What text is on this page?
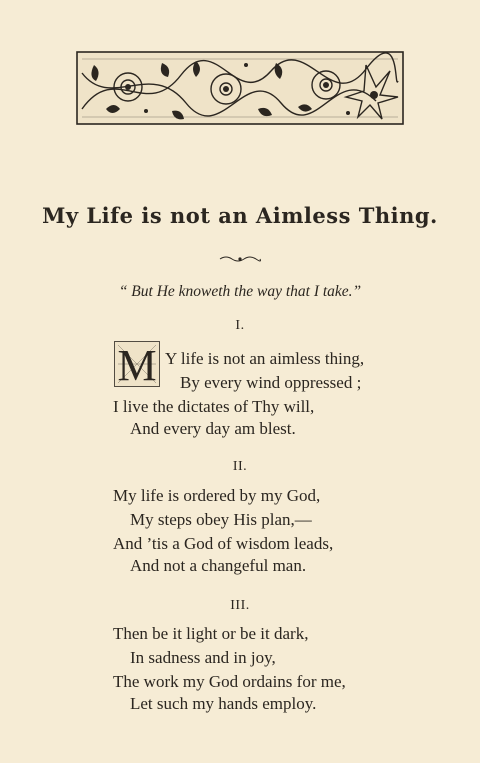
My Life is not an Aimless Thing.
“ But He knoweth the way that I take.”
I.
M Y life is not an aimless thing,
By every wind oppressed ;
I live the dictates of Thy will,
And every day am blest.
II.
My life is ordered by my God,
My steps obey His plan,—
And ’tis a God of wisdom leads,
And not a changeful man.
III.
Then be it light or be it dark,
In sadness and in joy,
The work my God ordains for me,
Let such my hands employ.
